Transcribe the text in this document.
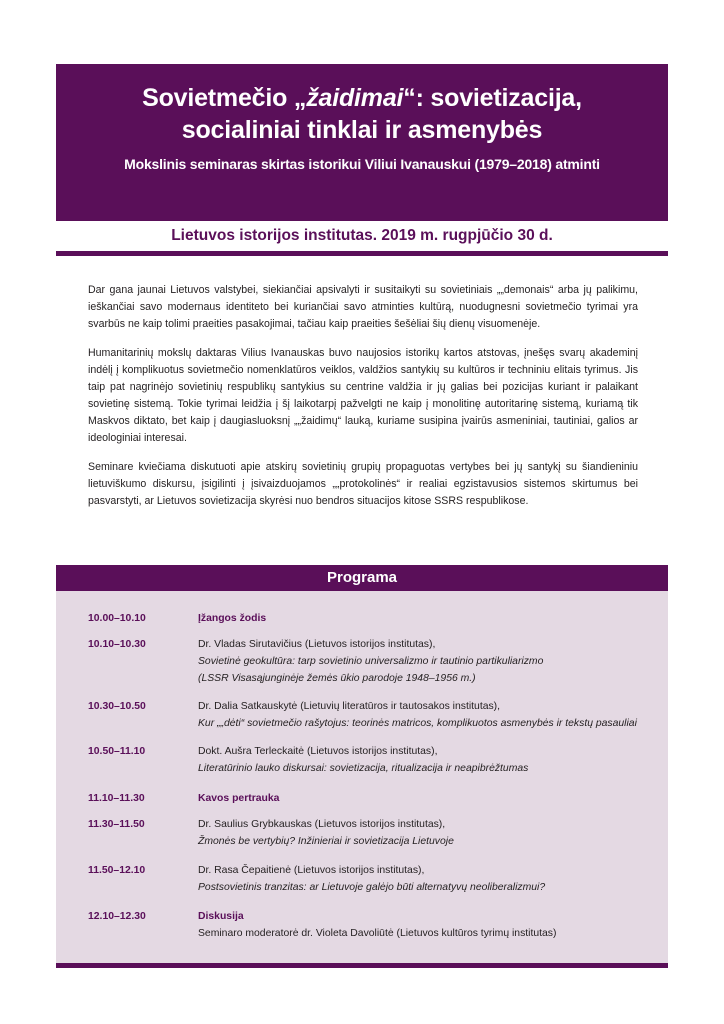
Sovietmečio „žaidimai“: sovietizacija,
socialiniai tinklai ir asmenybės
Mokslinis seminaras skirtas istorikui Viliui Ivanauskui (1979–2018) atminti
Lietuvos istorijos institutas. 2019 m. rugpjūčio 30 d.

Dar gana jaunai Lietuvos valstybei, siekiančiai apsivalyti ir susitaikyti su sovietiniais „„demonais“ arba jų palikimu, ieškančiai savo modernaus identiteto bei kuriančiai savo atminties kultūrą, nuodugnesni sovietmečio tyrimai yra svarbūs ne kaip tolimi praeities pasakojimai, tačiau kaip praeities šešėliai šių dienų visuomenėje.

Humanitarinių mokslų daktaras Vilius Ivanauskas buvo naujosios istorikų kartos atstovas, įnešęs svarų akademinį indėlį į komplikuotus sovietmečio nomenklatūros veiklos, valdžios santykių su kultūros ir techniniu elitais tyrimus. Jis taip pat nagrinėjo sovietinių respublikų santykius su centrine valdžia ir jų galias bei pozicijas kuriant ir palaikant sovietinę sistemą. Tokie tyrimai leidžia į šį laikotarpį pažvelgti ne kaip į monolitinę autoritarinę sistemą, kuriamą tik Maskvos diktato, bet kaip į daugiasluoksnį „„žaidimų“ lauką, kuriame susipina įvairūs asmeniniai, tautiniai, galios ar ideologiniai interesai.

Seminare kviečiama diskutuoti apie atskirų sovietinių grupių propaguotas vertybes bei jų santykį su šiandieniniu lietuviškumo diskursu, įsigilinti į įsivaizduojamos „„protokolinės“ ir realiai egzistavusios sistemos skirtumus bei pasvarstyti, ar Lietuvos sovietizacija skyrėsi nuo bendros situacijos kitose SSRS respublikose.

Programa
10.00–10.10	Įžangos žodis
10.10–10.30	Dr. Vladas Sirutavičius (Lietuvos istorijos institutas),
Sovietinė geokultūra: tarp sovietinio universalizmo ir tautinio partikuliarizmo
(LSSR Visasąjunginėje žemės ūkio parodoje 1948–1956 m.)
10.30–10.50	Dr. Dalia Satkauskytė (Lietuvių literatūros ir tautosakos institutas),
Kur „„dėti“ sovietmečio rašytojus: teorinės matricos, komplikuotos asmenybės ir tekstų pasauliai
10.50–11.10	Dokt. Aušra Terleckaitė (Lietuvos istorijos institutas),
Literatūrinio lauko diskursai: sovietizacija, ritualizacija ir neapibrėžtumas
11.10–11.30	Kavos pertrauka
11.30–11.50	Dr. Saulius Grybkauskas (Lietuvos istorijos institutas),
Žmonės be vertybių? Inžinieriai ir sovietizacija Lietuvoje
11.50–12.10	Dr. Rasa Čepaitienė (Lietuvos istorijos institutas),
Postsovietinis tranzitas: ar Lietuvoje galėjo būti alternatyvų neoliberalizmui?
12.10–12.30	Diskusija
Seminaro moderatorė dr. Violeta Davoliūtė (Lietuvos kultūros tyrimų institutas)
